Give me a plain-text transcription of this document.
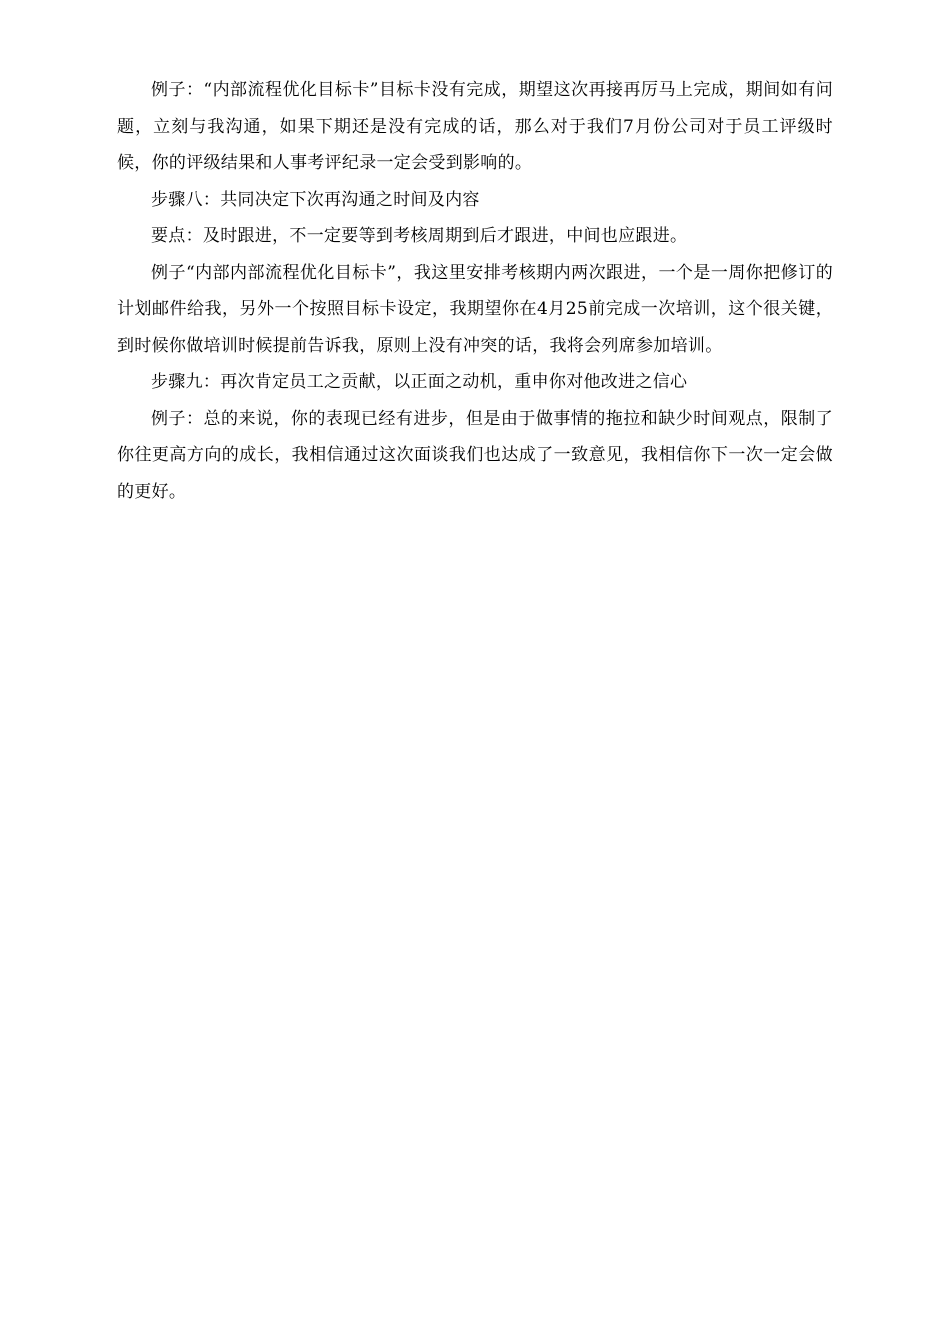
例子：“内部流程优化目标卡”目标卡没有完成，期望这次再接再厉马上完成，期间如有问题，立刻与我沟通，如果下期还是没有完成的话，那么对于我们7月份公司对于员工评级时候，你的评级结果和人事考评纪录一定会受到影响的。

步骤八：共同决定下次再沟通之时间及内容

要点：及时跟进，不一定要等到考核周期到后才跟进，中间也应跟进。

例子“内部内部流程优化目标卡”，我这里安排考核期内两次跟进，一个是一周你把修订的计划邮件给我，另外一个按照目标卡设定，我期望你在4月25前完成一次培训，这个很关键，到时候你做培训时候提前告诉我，原则上没有冲突的话，我将会列席参加培训。

步骤九：再次肯定员工之贡献，以正面之动机，重申你对他改进之信心

例子：总的来说，你的表现已经有进步，但是由于做事情的拖拉和缺少时间观点，限制了你往更高方向的成长，我相信通过这次面谈我们也达成了一致意见，我相信你下一次一定会做的更好。
